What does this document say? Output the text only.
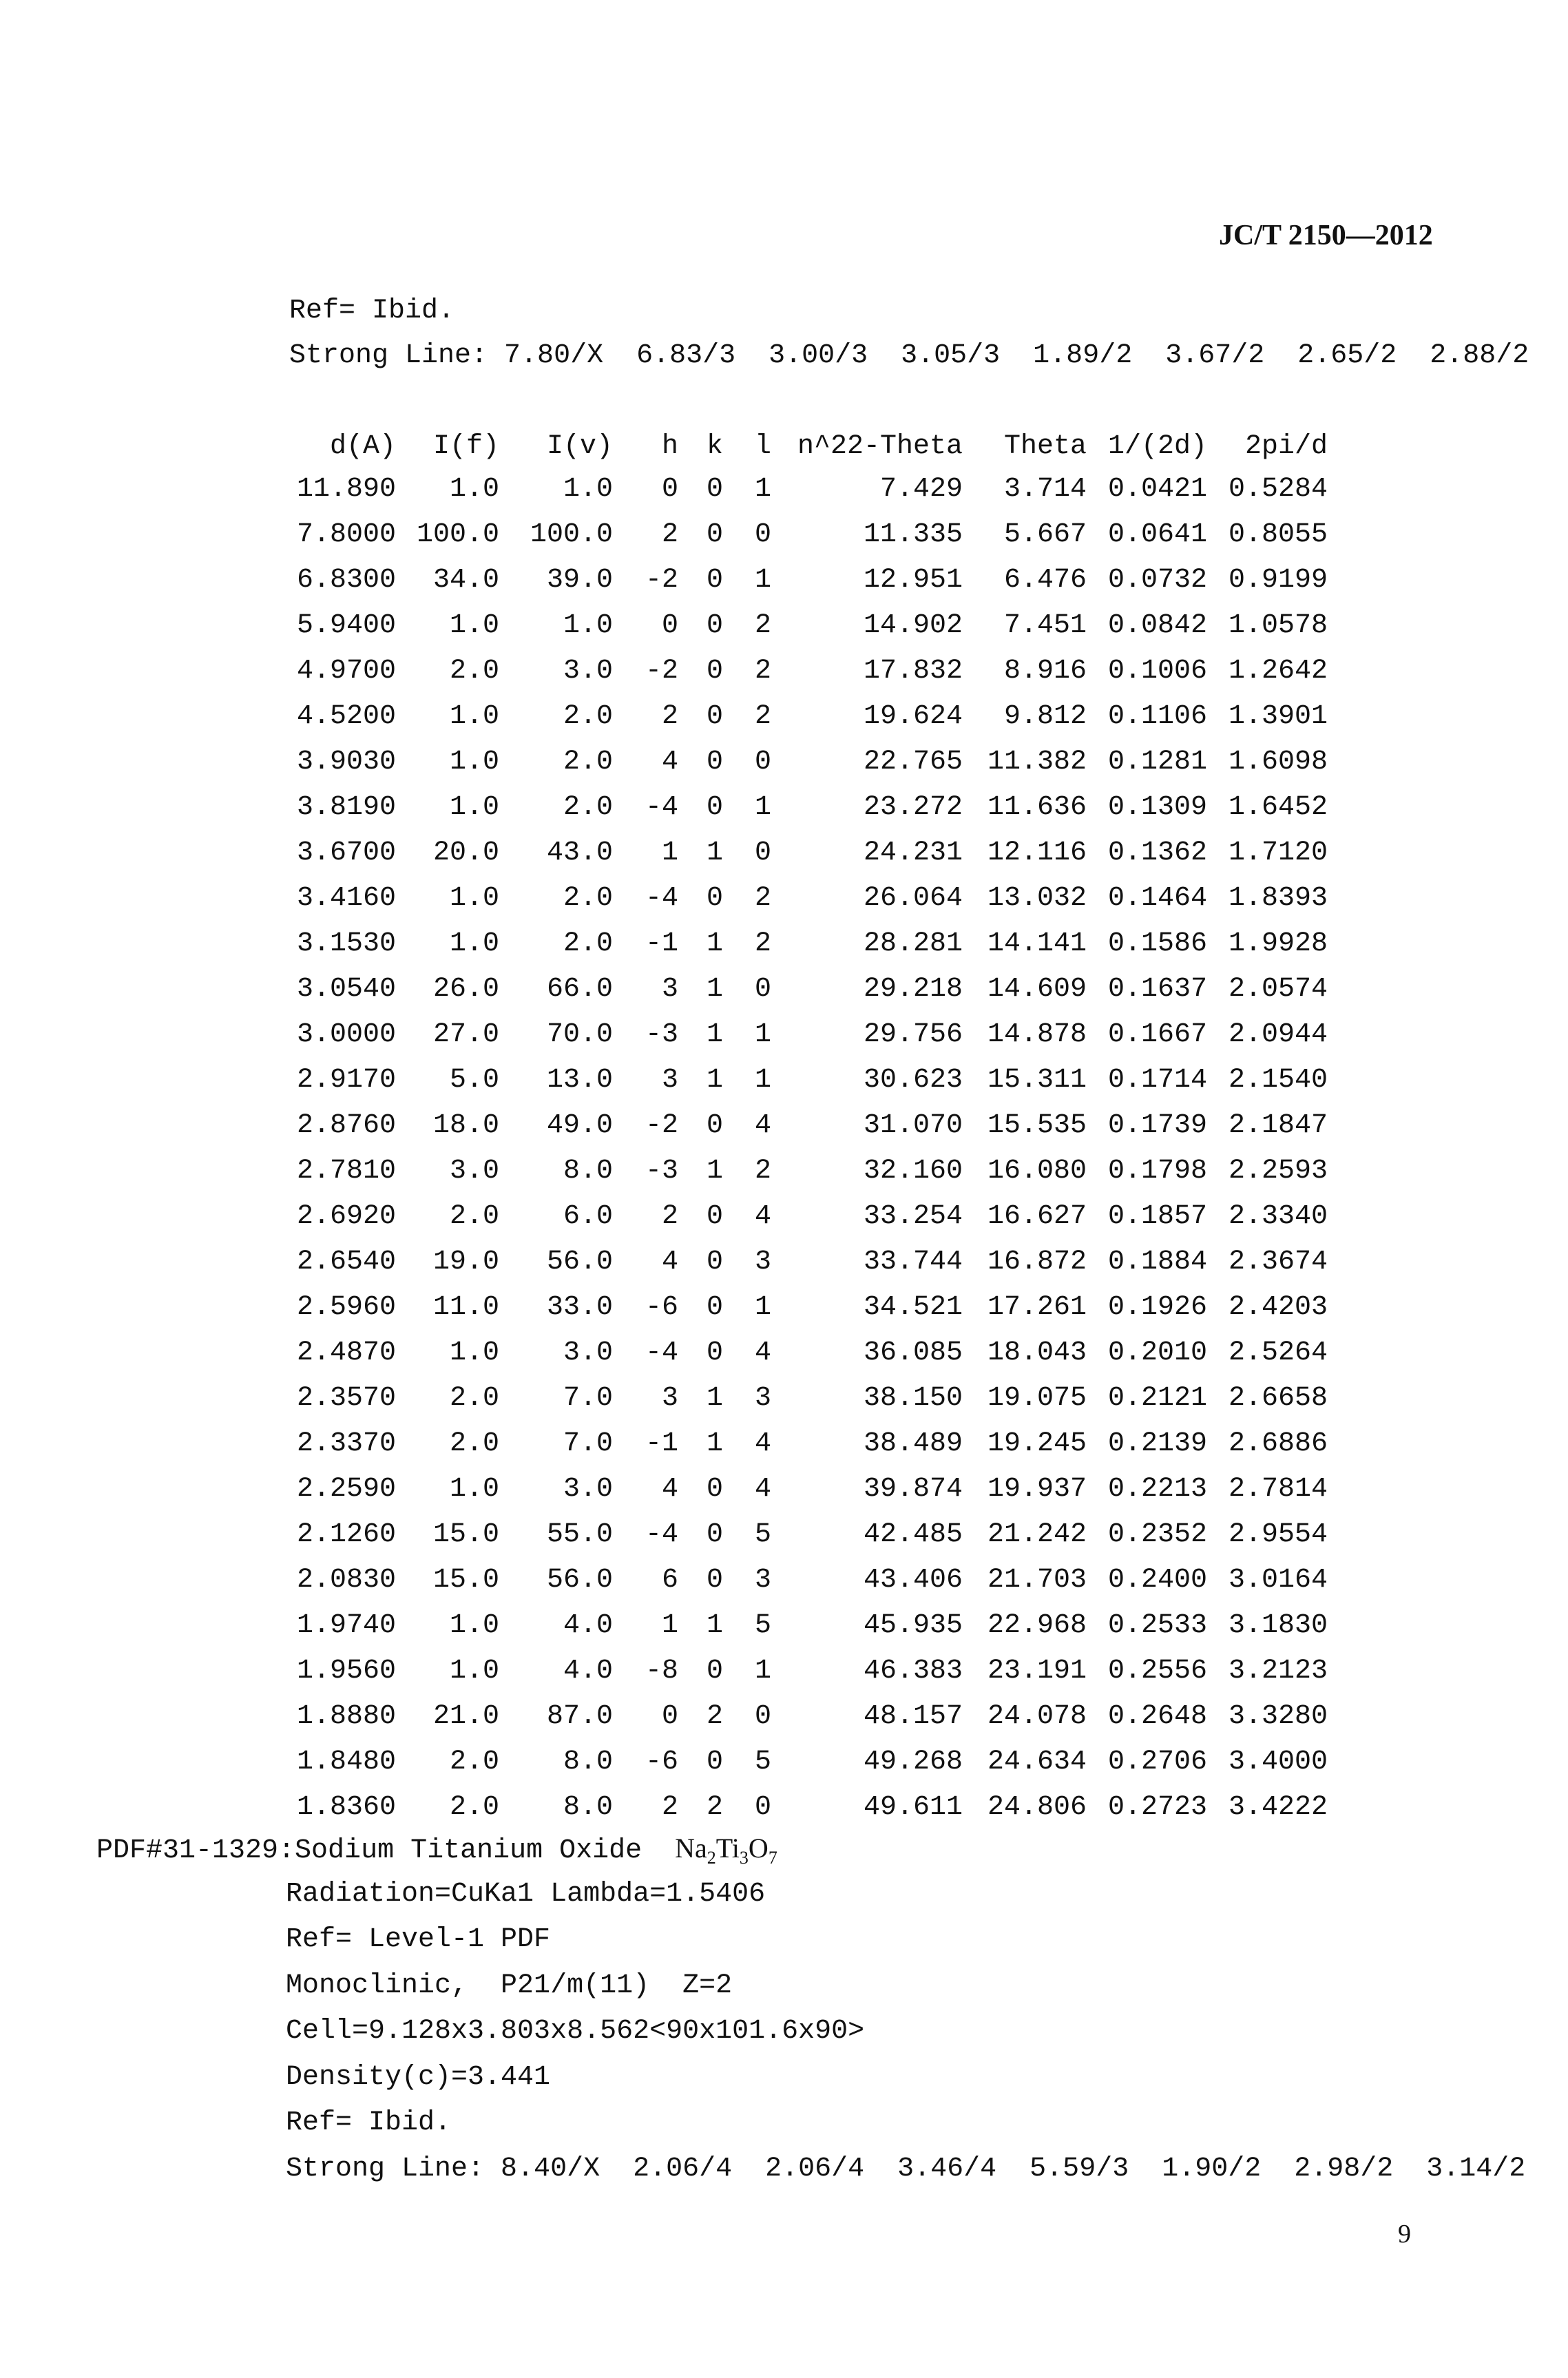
JC/T 2150—2012
Ref= Ibid.
Strong Line: 7.80/X  6.83/3  3.00/3  3.05/3  1.89/2  3.67/2  2.65/2  2.88/2
d(A)	I(f)	I(v)	h	k	l	n^2	2-Theta	Theta	1/(2d)	2pi/d
11.890	1.0	1.0	0	0	1		7.429	3.714	0.0421	0.5284
7.8000	100.0	100.0	2	0	0		11.335	5.667	0.0641	0.8055
6.8300	34.0	39.0	-2	0	1		12.951	6.476	0.0732	0.9199
5.9400	1.0	1.0	0	0	2		14.902	7.451	0.0842	1.0578
4.9700	2.0	3.0	-2	0	2		17.832	8.916	0.1006	1.2642
4.5200	1.0	2.0	2	0	2		19.624	9.812	0.1106	1.3901
3.9030	1.0	2.0	4	0	0		22.765	11.382	0.1281	1.6098
3.8190	1.0	2.0	-4	0	1		23.272	11.636	0.1309	1.6452
3.6700	20.0	43.0	1	1	0		24.231	12.116	0.1362	1.7120
3.4160	1.0	2.0	-4	0	2		26.064	13.032	0.1464	1.8393
3.1530	1.0	2.0	-1	1	2		28.281	14.141	0.1586	1.9928
3.0540	26.0	66.0	3	1	0		29.218	14.609	0.1637	2.0574
3.0000	27.0	70.0	-3	1	1		29.756	14.878	0.1667	2.0944
2.9170	5.0	13.0	3	1	1		30.623	15.311	0.1714	2.1540
2.8760	18.0	49.0	-2	0	4		31.070	15.535	0.1739	2.1847
2.7810	3.0	8.0	-3	1	2		32.160	16.080	0.1798	2.2593
2.6920	2.0	6.0	2	0	4		33.254	16.627	0.1857	2.3340
2.6540	19.0	56.0	4	0	3		33.744	16.872	0.1884	2.3674
2.5960	11.0	33.0	-6	0	1		34.521	17.261	0.1926	2.4203
2.4870	1.0	3.0	-4	0	4		36.085	18.043	0.2010	2.5264
2.3570	2.0	7.0	3	1	3		38.150	19.075	0.2121	2.6658
2.3370	2.0	7.0	-1	1	4		38.489	19.245	0.2139	2.6886
2.2590	1.0	3.0	4	0	4		39.874	19.937	0.2213	2.7814
2.1260	15.0	55.0	-4	0	5		42.485	21.242	0.2352	2.9554
2.0830	15.0	56.0	6	0	3		43.406	21.703	0.2400	3.0164
1.9740	1.0	4.0	1	1	5		45.935	22.968	0.2533	3.1830
1.9560	1.0	4.0	-8	0	1		46.383	23.191	0.2556	3.2123
1.8880	21.0	87.0	0	2	0		48.157	24.078	0.2648	3.3280
1.8480	2.0	8.0	-6	0	5		49.268	24.634	0.2706	3.4000
1.8360	2.0	8.0	2	2	0		49.611	24.806	0.2723	3.4222
PDF#31-1329:Sodium Titanium Oxide  $Na_2Ti_3O_7$
Radiation=CuKa1 Lambda=1.5406
Ref= Level-1 PDF
Monoclinic,  P21/m(11)  Z=2
Cell=9.128x3.803x8.562<90x101.6x90>
Density(c)=3.441
Ref= Ibid.
Strong Line: 8.40/X  2.06/4  2.06/4  3.46/4  5.59/3  1.90/2  2.98/2  3.14/2
9
